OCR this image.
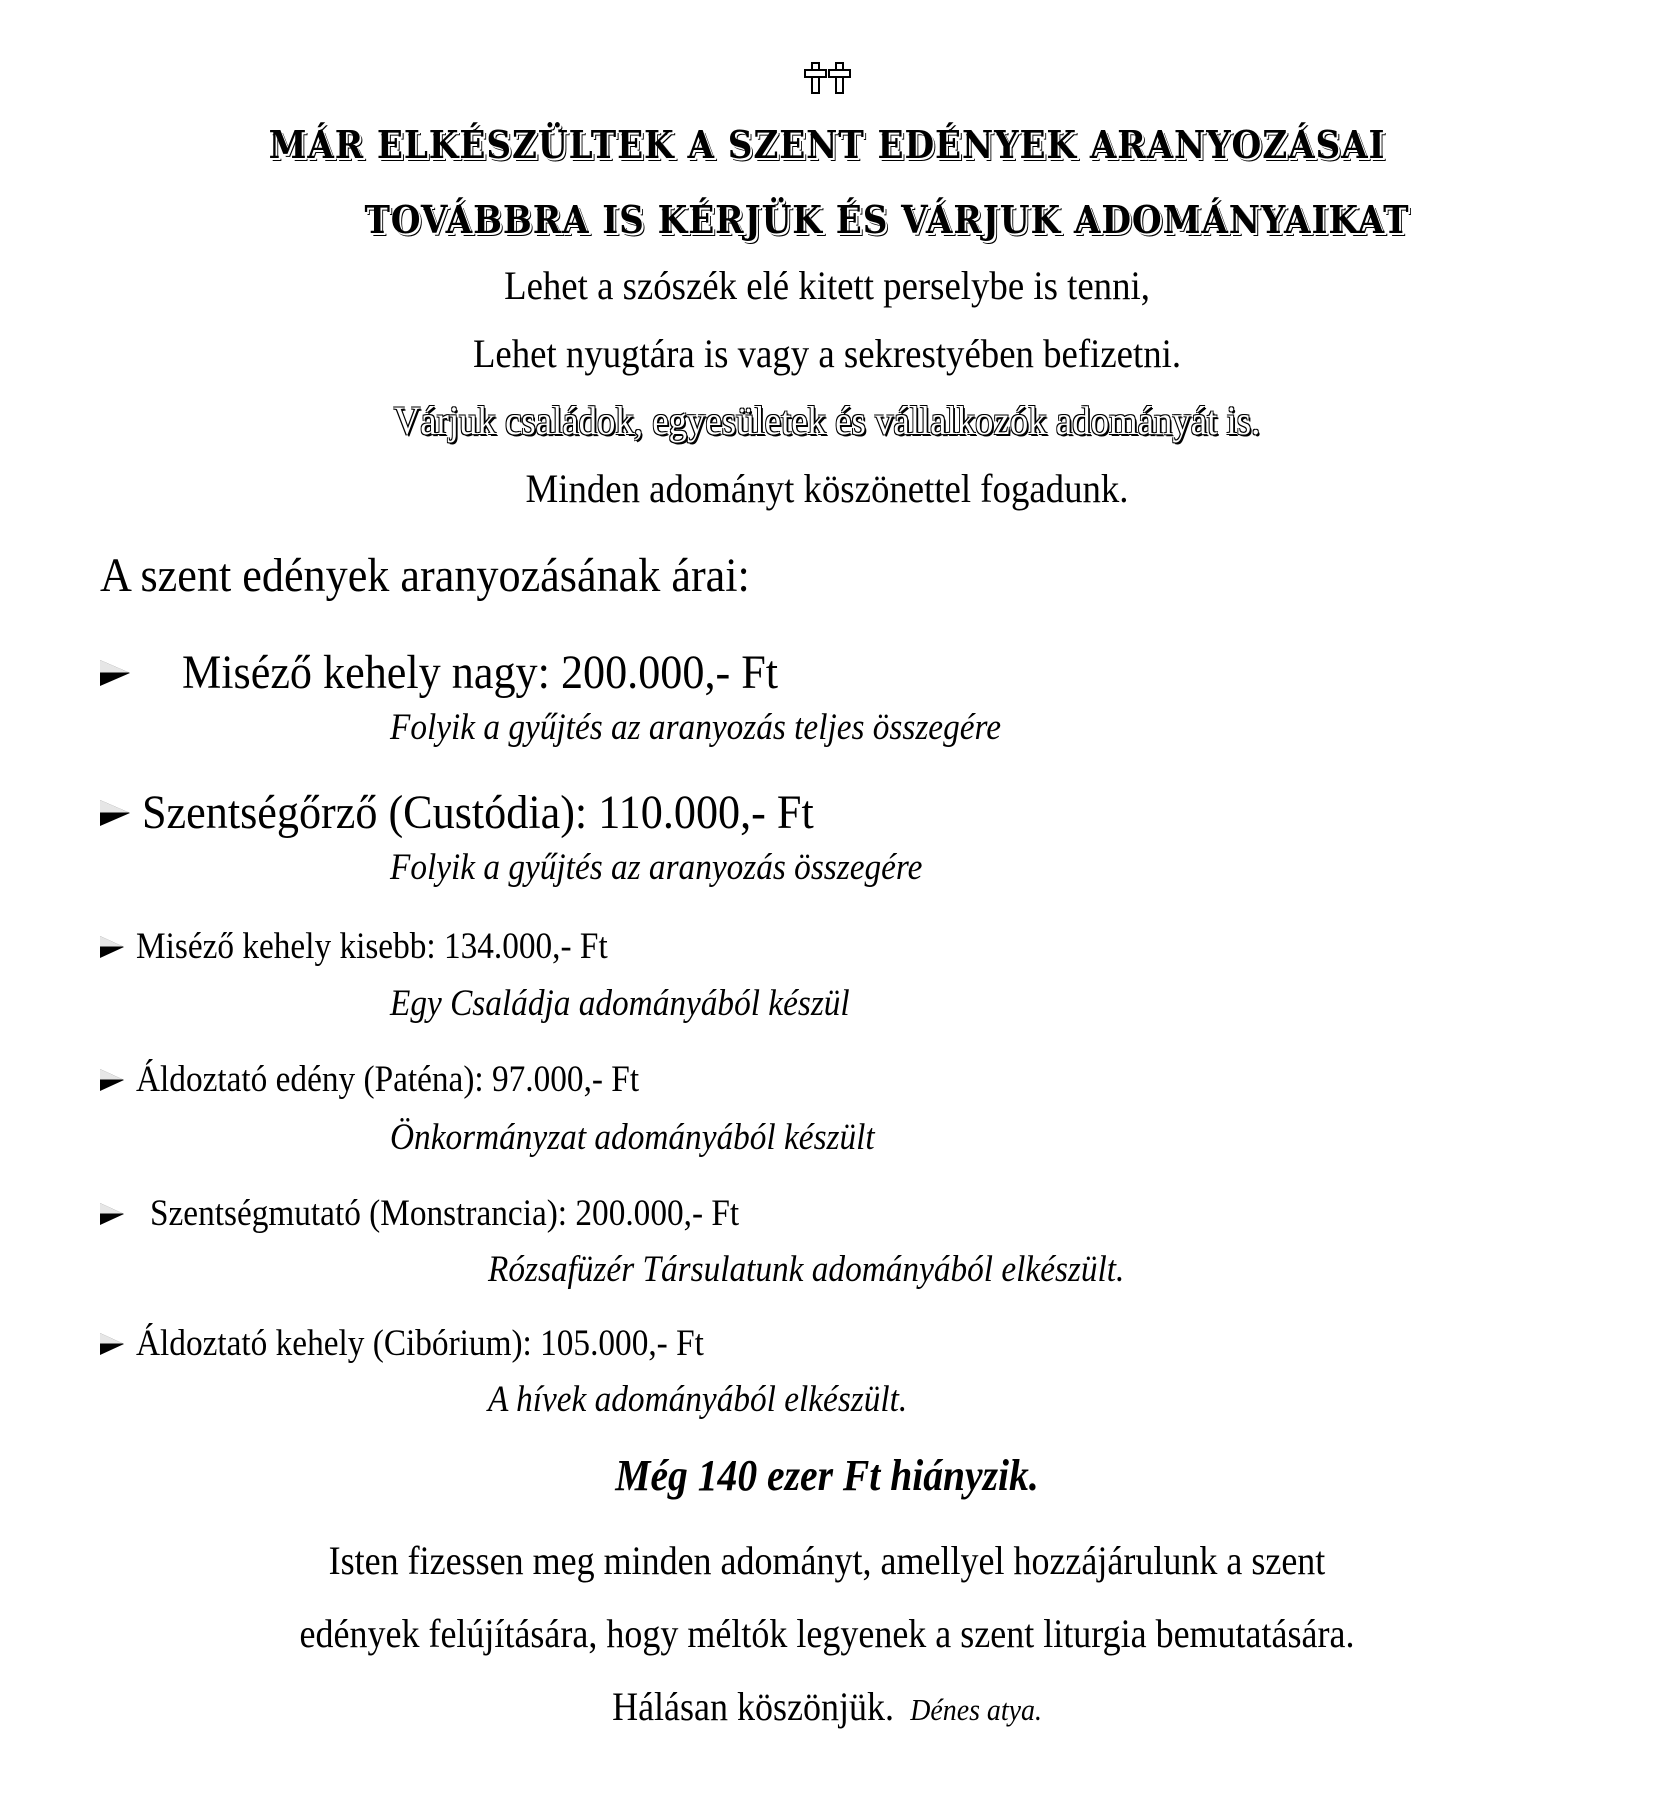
MÁR ELKÉSZÜLTEK A SZENT EDÉNYEK ARANYOZÁSAI
TOVÁBBRA IS KÉRJÜK ÉS VÁRJUK ADOMÁNYAIKAT
Lehet a szószék elé kitett perselybe is tenni,
Lehet nyugtára is vagy a sekrestyében befizetni.
Várjuk családok, egyesületek és vállalkozók adományát is.
Minden adományt köszönettel fogadunk.
A szent edények aranyozásának árai:
Miséző kehely nagy: 200.000,- Ft
Folyik a gyűjtés az aranyozás teljes összegére
Szentségőrző (Custódia): 110.000,- Ft
Folyik a gyűjtés az aranyozás összegére
Miséző kehely kisebb: 134.000,- Ft
Egy Családja adományából készül
Áldoztató edény (Paténa): 97.000,- Ft
Önkormányzat adományából készült
Szentségmutató (Monstrancia): 200.000,- Ft
Rózsafüzér Társulatunk adományából elkészült.
Áldoztató kehely (Cibórium): 105.000,- Ft
A hívek adományából elkészült.
Még 140 ezer Ft hiányzik.
Isten fizessen meg minden adományt, amellyel hozzájárulunk a szent
edények felújítására, hogy méltók legyenek a szent liturgia bemutatására.
Hálásan köszönjük. Dénes atya.
